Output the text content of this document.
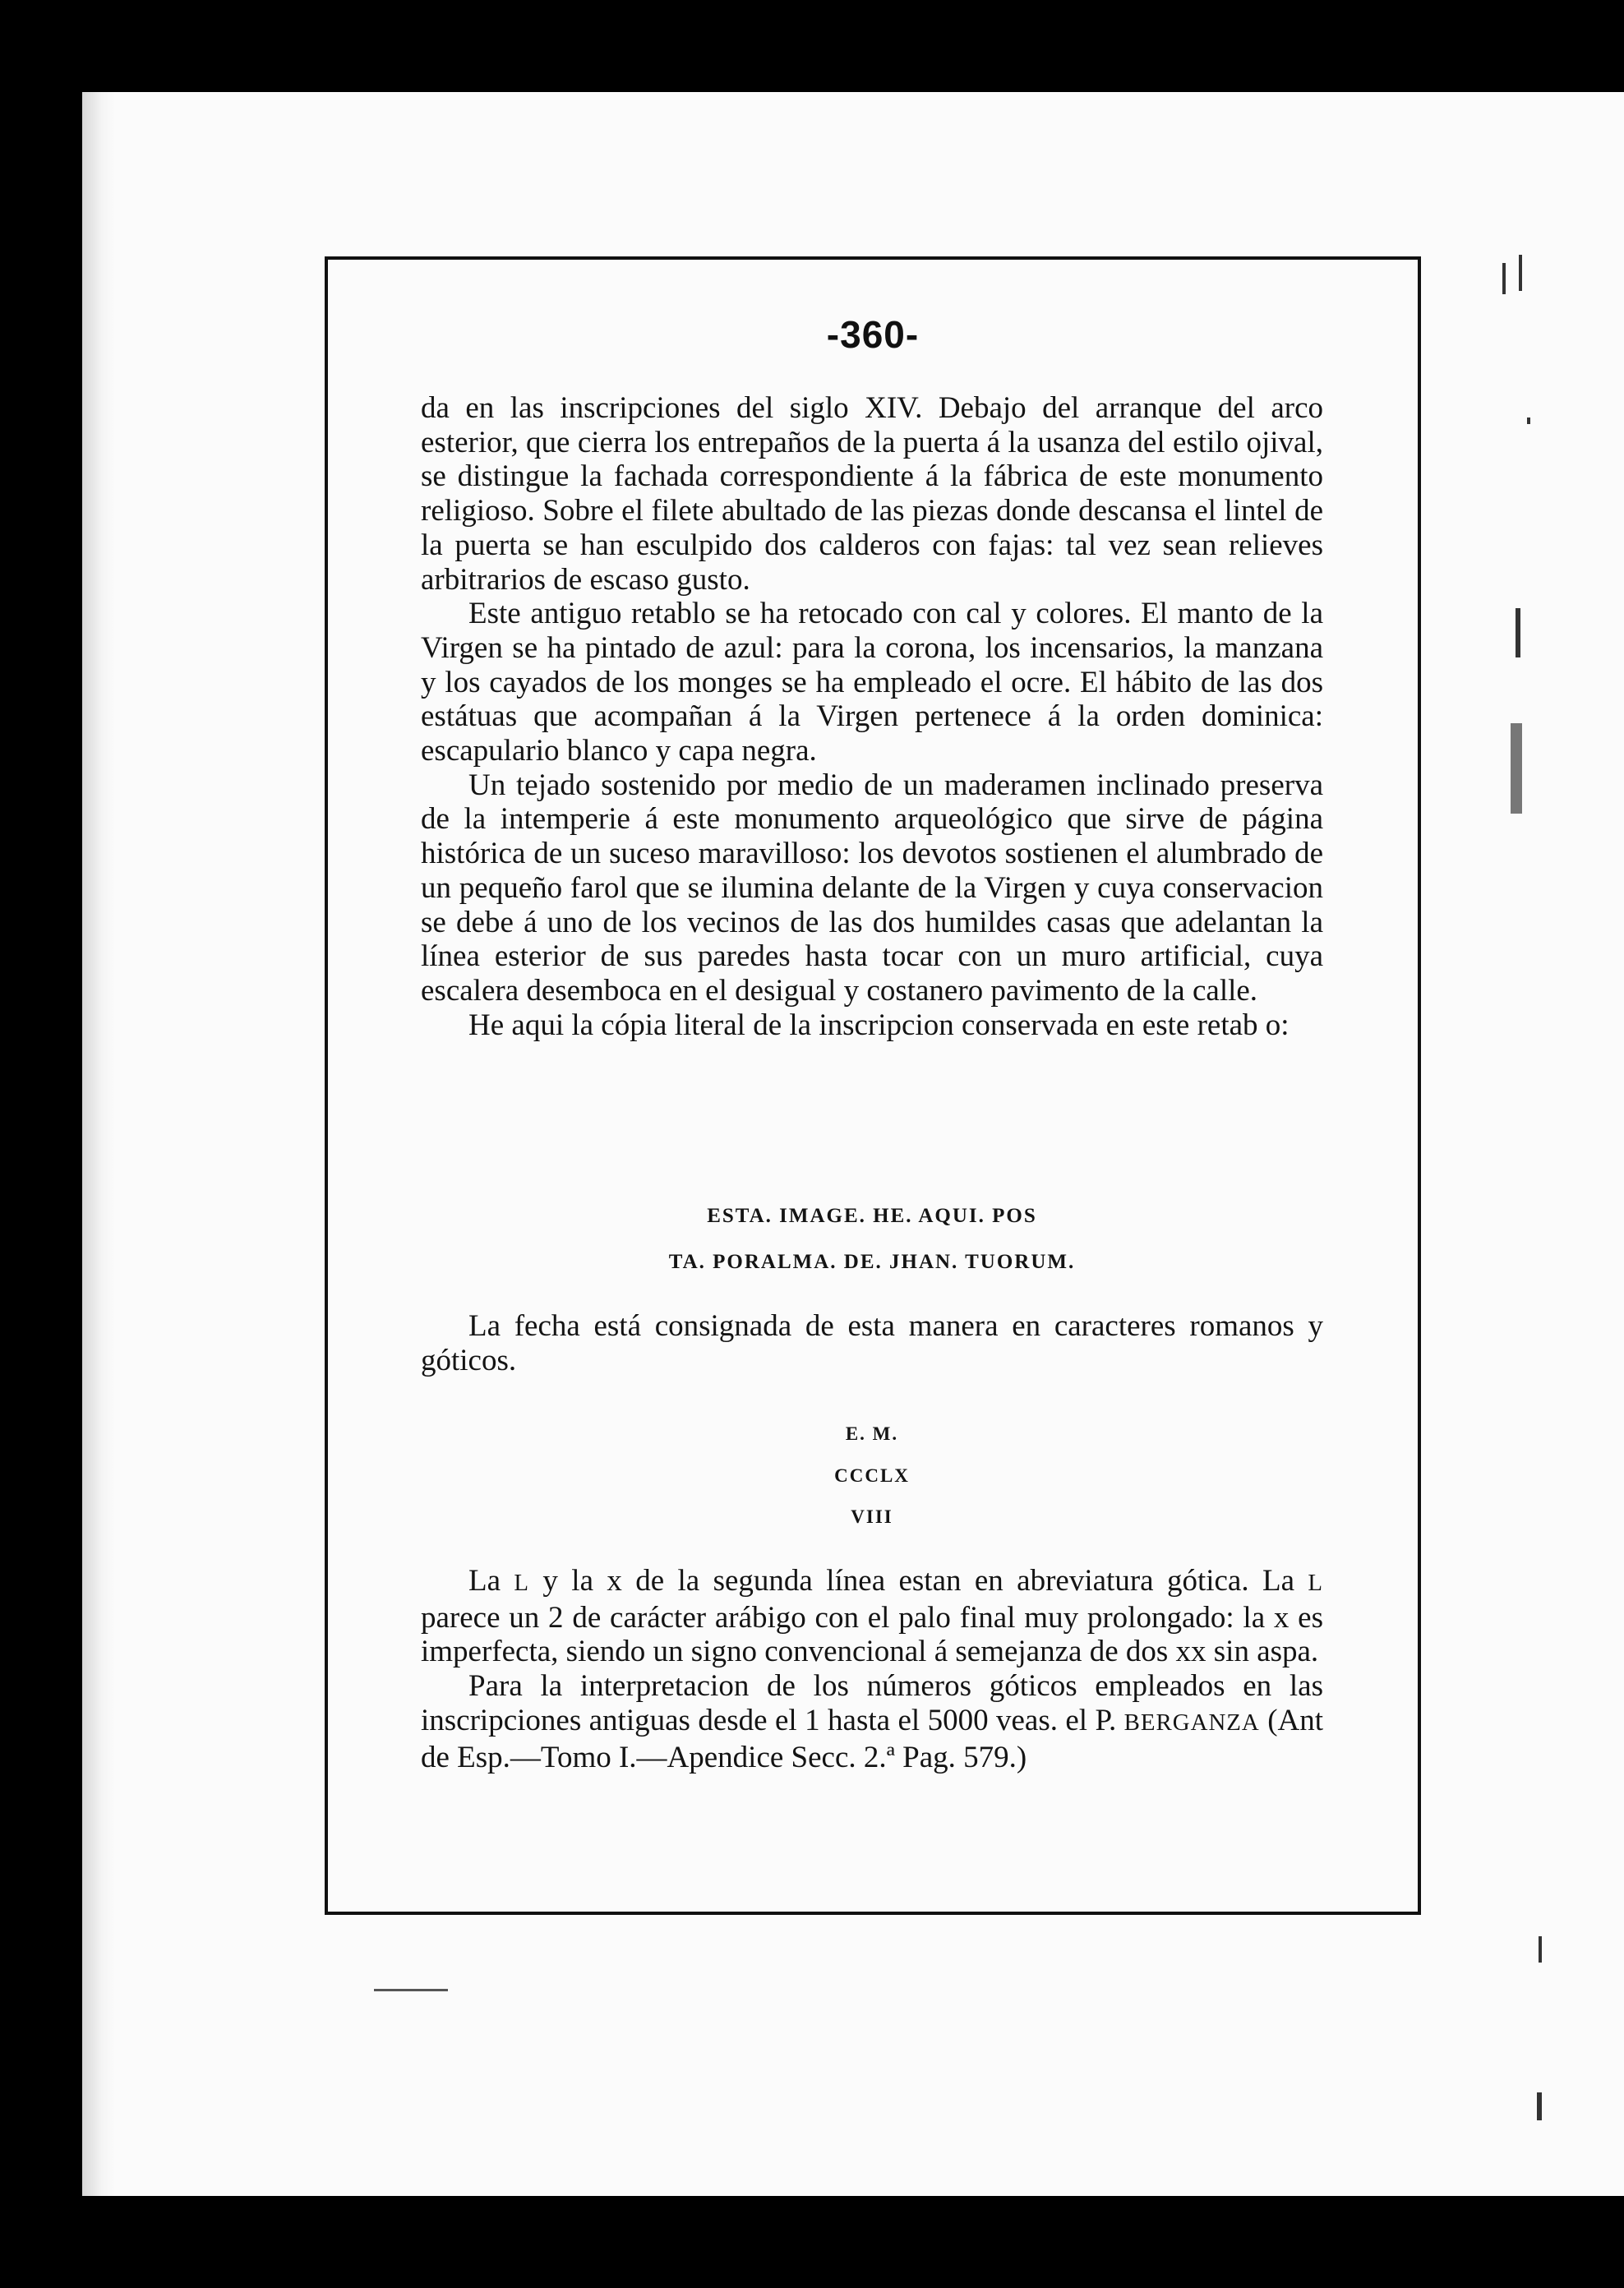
-360-

da en las inscripciones del siglo XIV. Debajo del arranque del arco esterior, que cierra los entrepaños de la puerta á la usanza del estilo ojival, se distingue la fachada correspondiente á la fábrica de este monumento religioso. Sobre el filete abultado de las piezas donde descansa el lintel de la puerta se han esculpido dos calderos con fajas: tal vez sean relieves arbitrarios de escaso gusto.

Este antiguo retablo se ha retocado con cal y colores. El manto de la Virgen se ha pintado de azul: para la corona, los incensarios, la manzana y los cayados de los monges se ha empleado el ocre. El hábito de las dos estátuas que acompañan á la Virgen pertenece á la orden dominica: escapulario blanco y capa negra.

Un tejado sostenido por medio de un maderamen inclinado preserva de la intemperie á este monumento arqueológico que sirve de página histórica de un suceso maravilloso: los devotos sostienen el alumbrado de un pequeño farol que se ilumina delante de la Virgen y cuya conservacion se debe á uno de los vecinos de las dos humildes casas que adelantan la línea esterior de sus paredes hasta tocar con un muro artificial, cuya escalera desemboca en el desigual y costanero pavimento de la calle.

He aqui la cópia literal de la inscripcion conservada en este retab o:

ESTA. IMAGE. HE. AQUI. POS
TA. PORALMA. DE. JHAN. TUORUM.

La fecha está consignada de esta manera en caracteres romanos y góticos.

E. M.
CCCLX
VIII

La L y la x de la segunda línea estan en abreviatura gótica. La L parece un 2 de carácter arábigo con el palo final muy prolongado: la x es imperfecta, siendo un signo convencional á semejanza de dos xx sin aspa.

Para la interpretacion de los números góticos empleados en las inscripciones antiguas desde el 1 hasta el 5000 veas. el P. BERGANZA (Ant de Esp.—Tomo I.—Apendice Secc. 2.ª Pag. 579.)
